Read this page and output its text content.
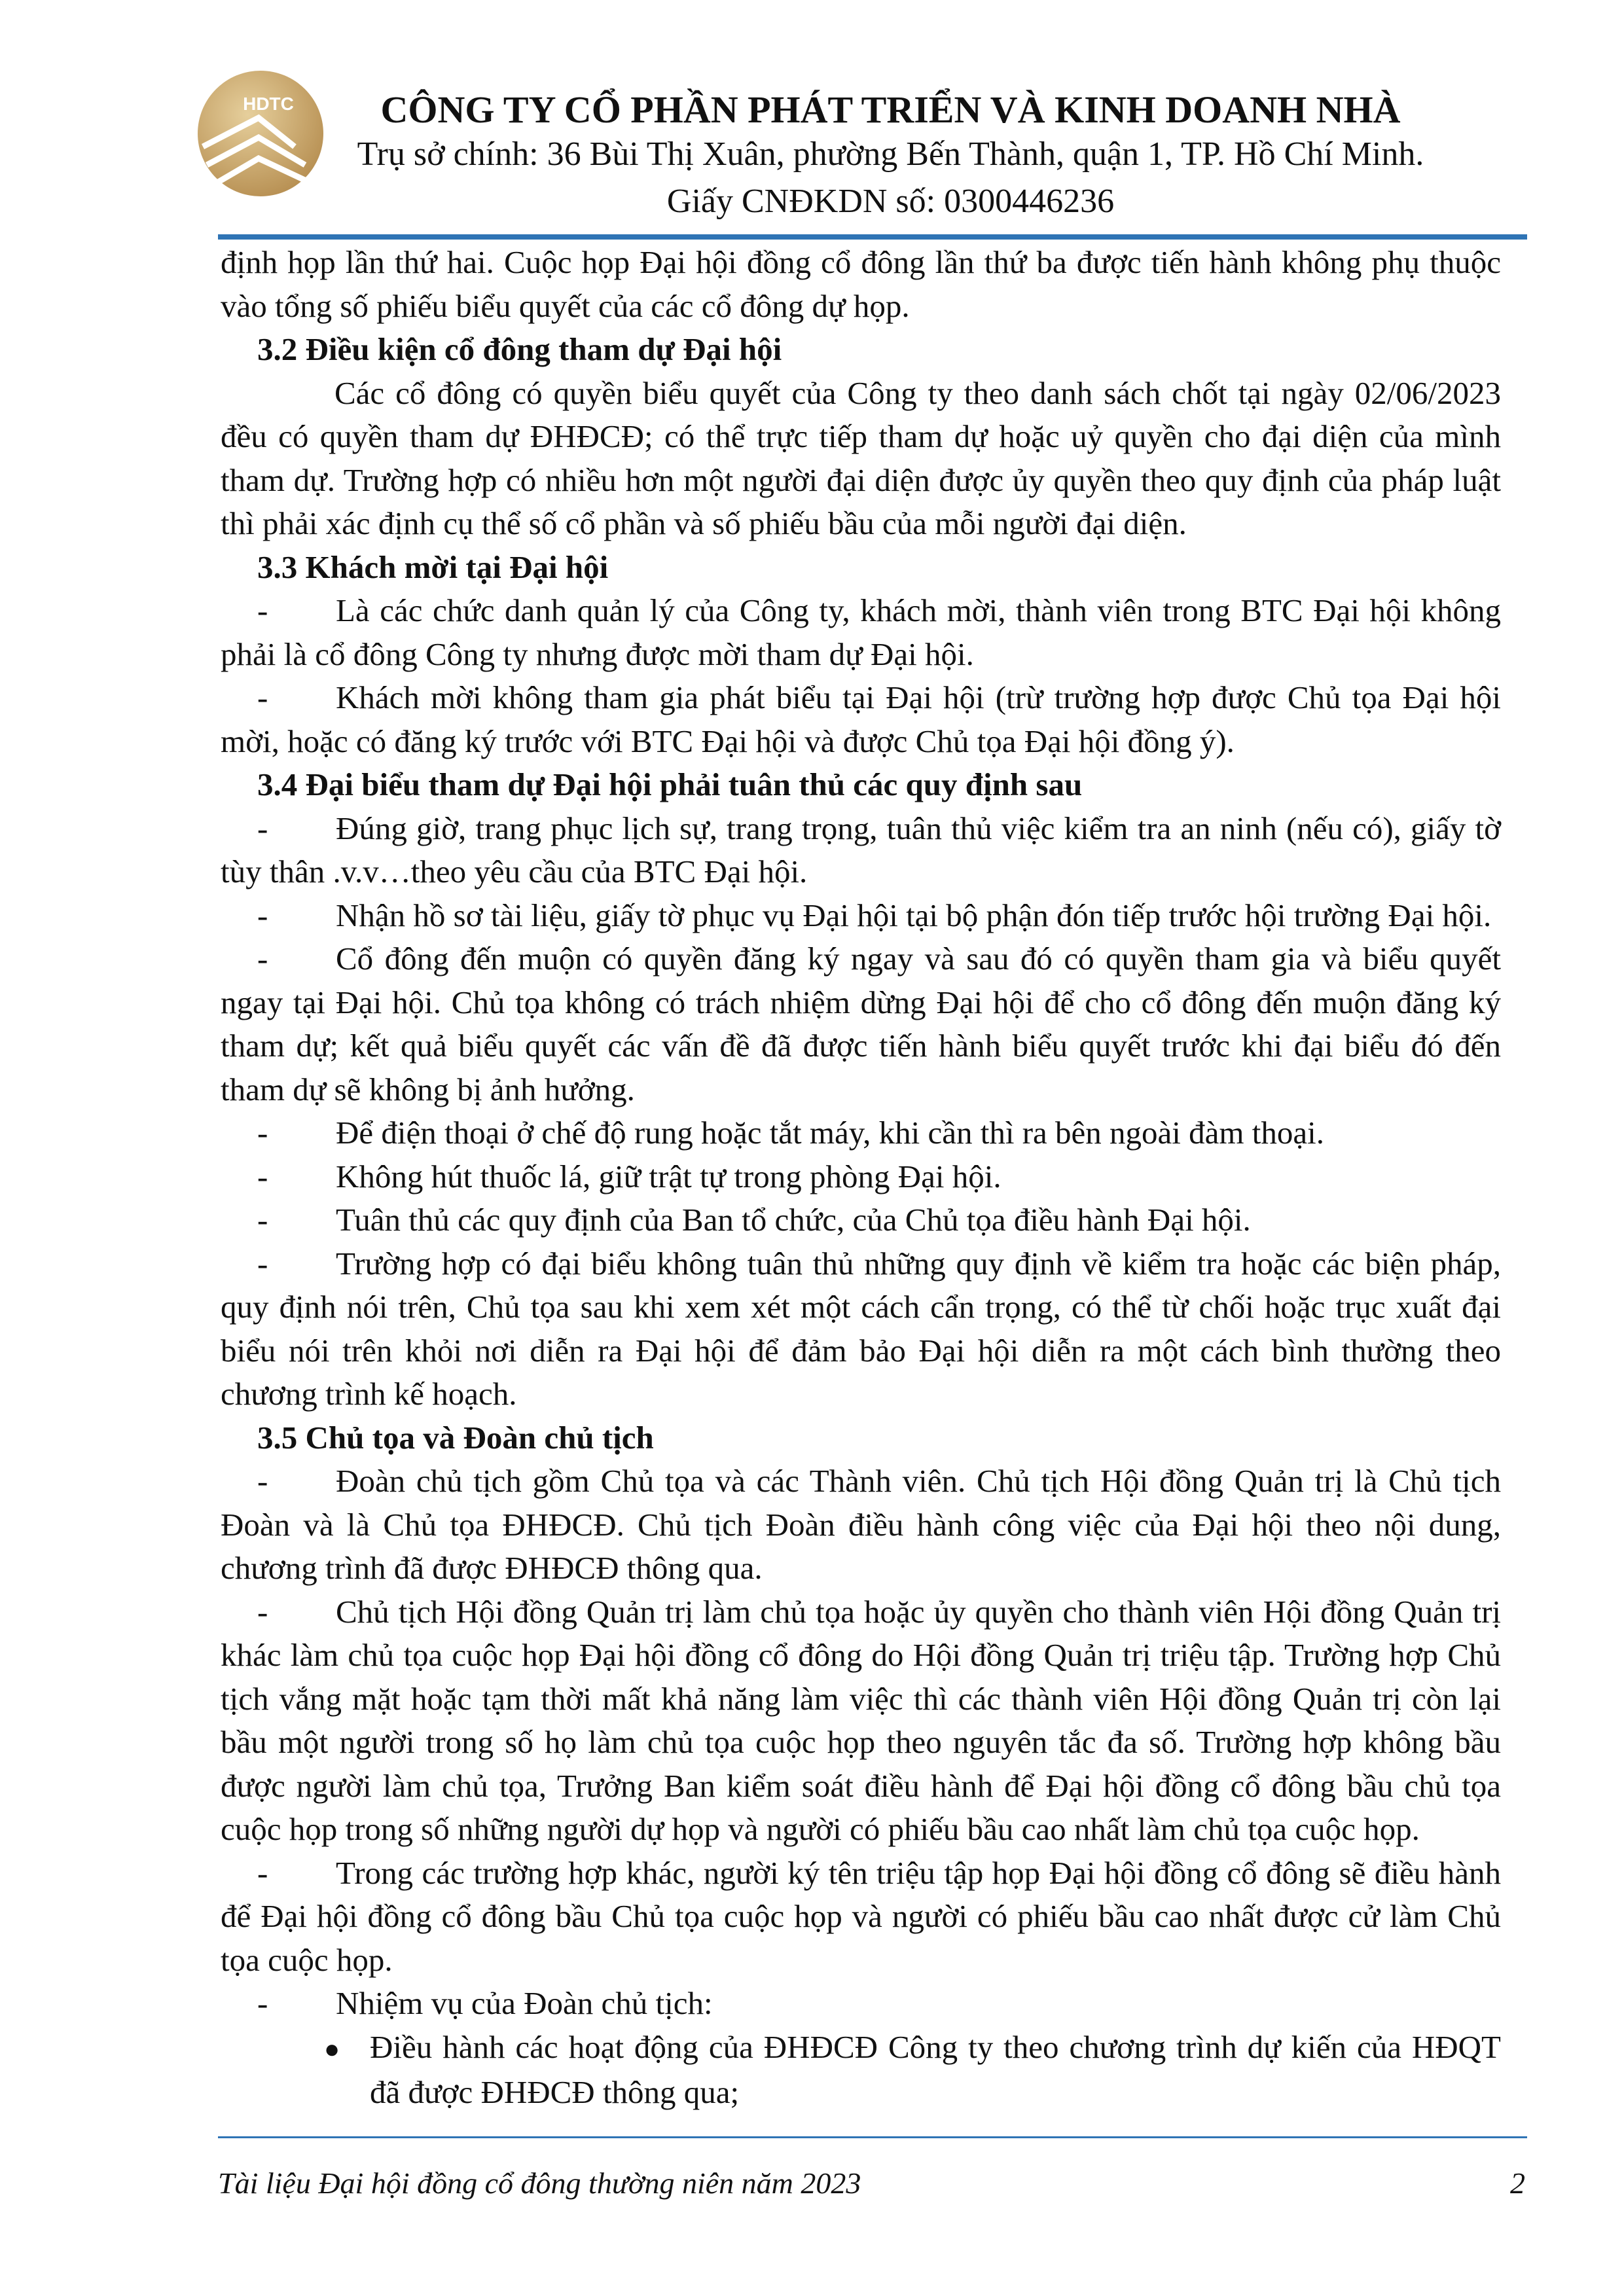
HDTC	CÔNG TY CỔ PHẦN PHÁT TRIỂN VÀ KINH DOANH NHÀ
Trụ sở chính: 36 Bùi Thị Xuân, phường Bến Thành, quận 1, TP. Hồ Chí Minh.
Giấy CNĐKDN số: 0300446236

định họp lần thứ hai. Cuộc họp Đại hội đồng cổ đông lần thứ ba được tiến hành không phụ thuộc vào tổng số phiếu biểu quyết của các cổ đông dự họp.

3.2 Điều kiện cổ đông tham dự Đại hội

Các cổ đông có quyền biểu quyết của Công ty theo danh sách chốt tại ngày 02/06/2023 đều có quyền tham dự ĐHĐCĐ; có thể trực tiếp tham dự hoặc uỷ quyền cho đại diện của mình tham dự. Trường hợp có nhiều hơn một người đại diện được ủy quyền theo quy định của pháp luật thì phải xác định cụ thể số cổ phần và số phiếu bầu của mỗi người đại diện.

3.3 Khách mời tại Đại hội

- Là các chức danh quản lý của Công ty, khách mời, thành viên trong BTC Đại hội không phải là cổ đông Công ty nhưng được mời tham dự Đại hội.

- Khách mời không tham gia phát biểu tại Đại hội (trừ trường hợp được Chủ tọa Đại hội mời, hoặc có đăng ký trước với BTC Đại hội và được Chủ tọa Đại hội đồng ý).

3.4 Đại biểu tham dự Đại hội phải tuân thủ các quy định sau

- Đúng giờ, trang phục lịch sự, trang trọng, tuân thủ việc kiểm tra an ninh (nếu có), giấy tờ tùy thân .v.v…theo yêu cầu của BTC Đại hội.

- Nhận hồ sơ tài liệu, giấy tờ phục vụ Đại hội tại bộ phận đón tiếp trước hội trường Đại hội.

- Cổ đông đến muộn có quyền đăng ký ngay và sau đó có quyền tham gia và biểu quyết ngay tại Đại hội. Chủ tọa không có trách nhiệm dừng Đại hội để cho cổ đông đến muộn đăng ký tham dự; kết quả biểu quyết các vấn đề đã được tiến hành biểu quyết trước khi đại biểu đó đến tham dự sẽ không bị ảnh hưởng.

- Để điện thoại ở chế độ rung hoặc tắt máy, khi cần thì ra bên ngoài đàm thoại.

- Không hút thuốc lá, giữ trật tự trong phòng Đại hội.

- Tuân thủ các quy định của Ban tổ chức, của Chủ tọa điều hành Đại hội.

- Trường hợp có đại biểu không tuân thủ những quy định về kiểm tra hoặc các biện pháp, quy định nói trên, Chủ tọa sau khi xem xét một cách cẩn trọng, có thể từ chối hoặc trục xuất đại biểu nói trên khỏi nơi diễn ra Đại hội để đảm bảo Đại hội diễn ra một cách bình thường theo chương trình kế hoạch.

3.5 Chủ tọa và Đoàn chủ tịch

- Đoàn chủ tịch gồm Chủ tọa và các Thành viên. Chủ tịch Hội đồng Quản trị là Chủ tịch Đoàn và là Chủ tọa ĐHĐCĐ. Chủ tịch Đoàn điều hành công việc của Đại hội theo nội dung, chương trình đã được ĐHĐCĐ thông qua.

- Chủ tịch Hội đồng Quản trị làm chủ tọa hoặc ủy quyền cho thành viên Hội đồng Quản trị khác làm chủ tọa cuộc họp Đại hội đồng cổ đông do Hội đồng Quản trị triệu tập. Trường hợp Chủ tịch vắng mặt hoặc tạm thời mất khả năng làm việc thì các thành viên Hội đồng Quản trị còn lại bầu một người trong số họ làm chủ tọa cuộc họp theo nguyên tắc đa số. Trường hợp không bầu được người làm chủ tọa, Trưởng Ban kiểm soát điều hành để Đại hội đồng cổ đông bầu chủ tọa cuộc họp trong số những người dự họp và người có phiếu bầu cao nhất làm chủ tọa cuộc họp.

- Trong các trường hợp khác, người ký tên triệu tập họp Đại hội đồng cổ đông sẽ điều hành để Đại hội đồng cổ đông bầu Chủ tọa cuộc họp và người có phiếu bầu cao nhất được cử làm Chủ tọa cuộc họp.

- Nhiệm vụ của Đoàn chủ tịch:

● Điều hành các hoạt động của ĐHĐCĐ Công ty theo chương trình dự kiến của HĐQT đã được ĐHĐCĐ thông qua;

Tài liệu Đại hội đồng cổ đông thường niên năm 2023	2
